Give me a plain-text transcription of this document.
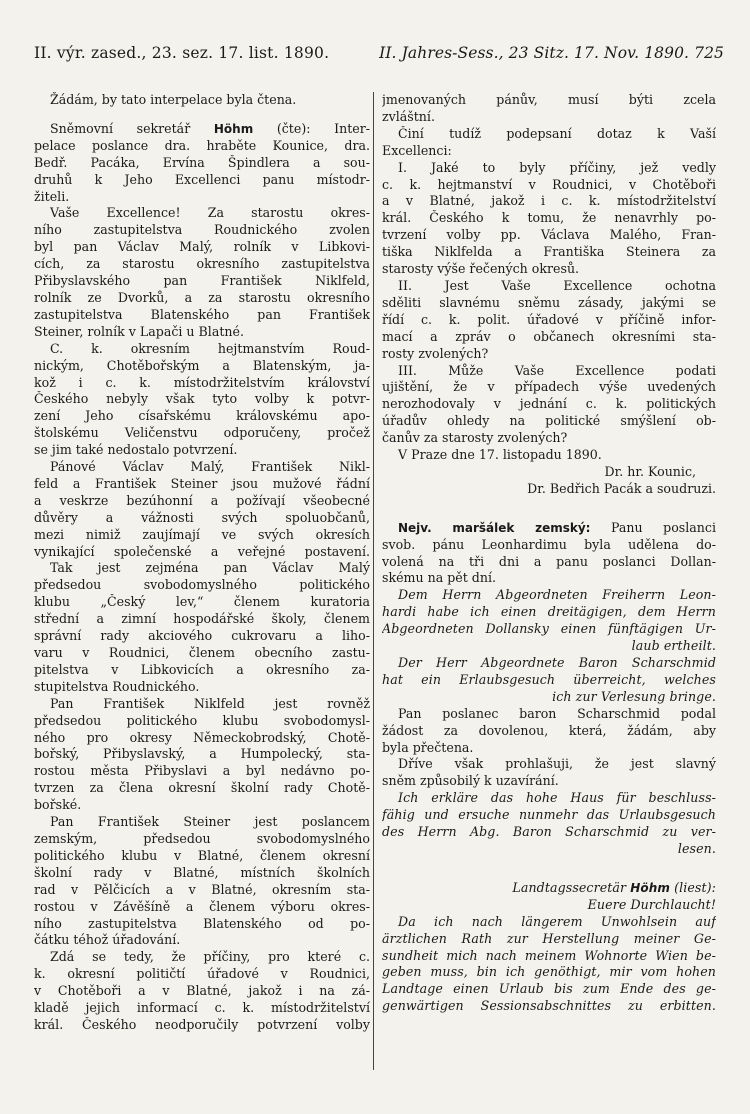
II. výr. zased., 23. sez. 17. list. 1890.	II. Jahres-Sess., 23 Sitz. 17. Nov. 1890. 725
Žádám, by tato interpelace byla čtena.
Sněmovní sekretář Höhm (čte): Inter-
pelace poslance dra. hraběte Kounice, dra.
Bedř. Pacáka, Ervína Špindlera a sou-
druhů k Jeho Excellenci panu místodr-
žiteli.
Vaše Excellence! Za starostu okres-
ního zastupitelstva Roudnického zvolen
byl pan Václav Malý, rolník v Libkovi-
cích, za starostu okresního zastupitelstva
Přibyslavského pan František Niklfeld,
rolník ze Dvorků, a za starostu okresního
zastupitelstva Blatenského pan František
Steiner, rolník v Lapači u Blatné.
C. k. okresním hejtmanstvím Roud-
nickým, Chotěbořským a Blatenským, ja-
kož i c. k. místodržitelstvím království
Českého nebyly však tyto volby k potvr-
zení Jeho císařskému královskému apo-
štolskému Veličenstvu odporučeny, pročež
se jim také nedostalo potvrzení.
Pánové Václav Malý, František Nikl-
feld a František Steiner jsou mužové řádní
a veskrze bezúhonní a požívají všeobecné
důvěry a vážnosti svých spoluobčanů,
mezi nimiž zaujímají ve svých okresích
vynikající společenské a veřejné postavení.
Tak jest zejména pan Václav Malý
předsedou svobodomyslného politického
klubu „Český lev,“ členem kuratoria
střední a zimní hospodářské školy, členem
správní rady akciového cukrovaru a liho-
varu v Roudnici, členem obecního zastu-
pitelstva v Libkovicích a okresního za-
stupitelstva Roudnického.
Pan František Niklfeld jest rovněž
předsedou politického klubu svobodomysl-
ného pro okresy Německobrodský, Chotě-
bořský, Přibyslavský, a Humpolecký, sta-
rostou města Přibyslavi a byl nedávno po-
tvrzen za člena okresní školní rady Chotě-
bořské.
Pan František Steiner jest poslancem
zemským, předsedou svobodomyslného
politického klubu v Blatné, členem okresní
školní rady v Blatné, místních školních
rad v Pělčicích a v Blatné, okresním sta-
rostou v Závěšíně a členem výboru okres-
ního zastupitelstva Blatenského od po-
čátku téhož úřadování.
Zdá se tedy, že příčiny, pro které c.
k. okresní političtí úřadové v Roudnici,
v Chotěboři a v Blatné, jakož i na zá-
kladě jejich informací c. k. místodržitelství
král. Českého neodporučily potvrzení volby
jmenovaných pánův, musí býti zcela
zvláštní.
Činí tudíž podepsaní dotaz k Vaší
Excellenci:
I. Jaké to byly příčiny, jež vedly
c. k. hejtmanství v Roudnici, v Chotěboři
a v Blatné, jakož i c. k. místodržitelství
král. Českého k tomu, že nenavrhly po-
tvrzení volby pp. Václava Malého, Fran-
tiška Niklfelda a Františka Steinera za
starosty výše řečených okresů.
II. Jest Vaše Excellence ochotna
sděliti slavnému sněmu zásady, jakými se
řídí c. k. polit. úřadové v příčině infor-
mací a zpráv o občanech okresními sta-
rosty zvolených?
III. Může Vaše Excellence podati
ujištění, že v případech výše uvedených
nerozhodovaly v jednání c. k. politických
úřadův ohledy na politické smýšlení ob-
čanův za starosty zvolených?
V Praze dne 17. listopadu 1890.
Dr. hr. Kounic,
Dr. Bedřich Pacák a soudruzi.
Nejv. maršálek zemský: Panu poslanci
svob. pánu Leonhardimu byla udělena do-
volená na tři dni a panu poslanci Dollan-
skému na pět dní.
Dem Herrn Abgeordneten Freiherrn Leon-
hardi habe ich einen dreitägigen, dem Herrn
Abgeordneten Dollansky einen fünftägigen Ur-
laub ertheilt.
Der Herr Abgeordnete Baron Scharschmid
hat ein Erlaubsgesuch überreicht, welches
ich zur Verlesung bringe.
Pan poslanec baron Scharschmid podal
žádost za dovolenou, která, žádám, aby
byla přečtena.
Dříve však prohlašuji, že jest slavný
sněm způsobilý k uzavírání.
Ich erkläre das hohe Haus für beschluss-
fähig und ersuche nunmehr das Urlaubsgesuch
des Herrn Abg. Baron Scharschmid zu ver-
lesen.
Landtagssecretär Höhm (liest):
Euere Durchlaucht!
Da ich nach längerem Unwohlsein auf
ärztlichen Rath zur Herstellung meiner Ge-
sundheit mich nach meinem Wohnorte Wien be-
geben muss, bin ich genöthigt, mir vom hohen
Landtage einen Urlaub bis zum Ende des ge-
genwärtigen Sessionsabschnittes zu erbitten.
